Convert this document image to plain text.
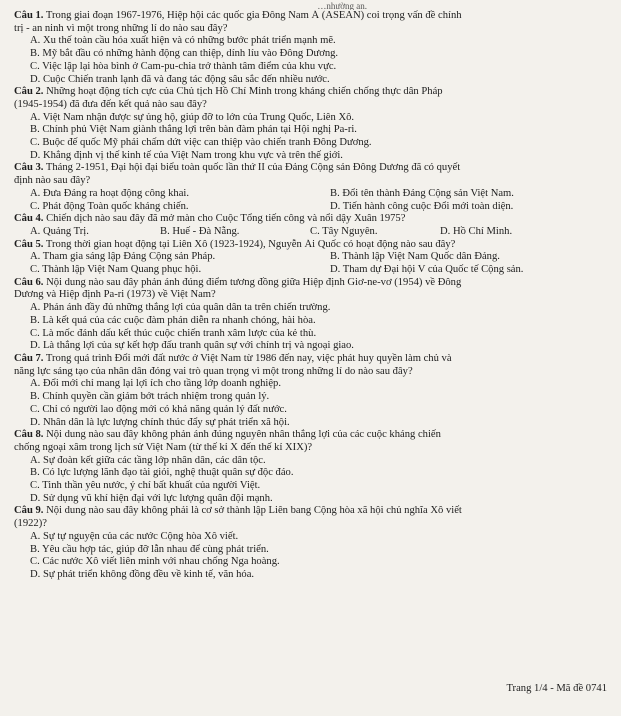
…nhường an.
Câu 1. Trong giai đoạn 1967-1976, Hiệp hội các quốc gia Đông Nam Á (ASEAN) coi trọng vấn đề chính
trị - an ninh vì một trong những lí do nào sau đây?
A. Xu thế toàn cầu hóa xuất hiện và có những bước phát triển mạnh mẽ.
B. Mỹ bắt đầu có những hành động can thiệp, dính líu vào Đông Dương.
C. Việc lập lại hòa bình ở Cam-pu-chia trở thành tâm điểm của khu vực.
D. Cuộc Chiến tranh lạnh đã và đang tác động sâu sắc đến nhiều nước.
Câu 2. Những hoạt động tích cực của Chủ tịch Hồ Chí Minh trong kháng chiến chống thực dân Pháp
(1945-1954) đã đưa đến kết quả nào sau đây?
A. Việt Nam nhận được sự ủng hộ, giúp đỡ to lớn của Trung Quốc, Liên Xô.
B. Chính phủ Việt Nam giành thắng lợi trên bàn đàm phán tại Hội nghị Pa-ri.
C. Buộc đế quốc Mỹ phải chấm dứt việc can thiệp vào chiến tranh Đông Dương.
D. Khẳng định vị thế kinh tế của Việt Nam trong khu vực và trên thế giới.
Câu 3. Tháng 2-1951, Đại hội đại biểu toàn quốc lần thứ II của Đảng Cộng sản Đông Dương đã có quyết
định nào sau đây?
A. Đưa Đảng ra hoạt động công khai.	B. Đổi tên thành Đảng Cộng sản Việt Nam.
C. Phát động Toàn quốc kháng chiến.	D. Tiến hành công cuộc Đổi mới toàn diện.
Câu 4. Chiến dịch nào sau đây đã mở màn cho Cuộc Tổng tiến công và nổi dậy Xuân 1975?
A. Quảng Trị.	B. Huế - Đà Nẵng.	C. Tây Nguyên.	D. Hồ Chí Minh.
Câu 5. Trong thời gian hoạt động tại Liên Xô (1923-1924), Nguyễn Ái Quốc có hoạt động nào sau đây?
A. Tham gia sáng lập Đảng Cộng sản Pháp.	B. Thành lập Việt Nam Quốc dân Đảng.
C. Thành lập Việt Nam Quang phục hội.	D. Tham dự Đại hội V của Quốc tế Cộng sản.
Câu 6. Nội dung nào sau đây phản ánh đúng điểm tương đồng giữa Hiệp định Giơ-ne-vơ (1954) về Đông
Dương và Hiệp định Pa-ri (1973) về Việt Nam?
A. Phản ánh đầy đủ những thắng lợi của quân dân ta trên chiến trường.
B. Là kết quả của các cuộc đàm phán diễn ra nhanh chóng, hài hòa.
C. Là mốc đánh dấu kết thúc cuộc chiến tranh xâm lược của kẻ thù.
D. Là thắng lợi của sự kết hợp đấu tranh quân sự với chính trị và ngoại giao.
Câu 7. Trong quá trình Đổi mới đất nước ở Việt Nam từ 1986 đến nay, việc phát huy quyền làm chủ và
năng lực sáng tạo của nhân dân đóng vai trò quan trọng vì một trong những lí do nào sau đây?
A. Đổi mới chỉ mang lại lợi ích cho tầng lớp doanh nghiệp.
B. Chính quyền cần giảm bớt trách nhiệm trong quản lý.
C. Chỉ có người lao động mới có khả năng quản lý đất nước.
D. Nhân dân là lực lượng chính thúc đẩy sự phát triển xã hội.
Câu 8. Nội dung nào sau đây không phản ánh đúng nguyên nhân thắng lợi của các cuộc kháng chiến
chống ngoại xâm trong lịch sử Việt Nam (từ thế kỉ X đến thế kỉ XIX)?
A. Sự đoàn kết giữa các tầng lớp nhân dân, các dân tộc.
B. Có lực lượng lãnh đạo tài giỏi, nghệ thuật quân sự độc đáo.
C. Tinh thần yêu nước, ý chí bất khuất của người Việt.
D. Sử dụng vũ khí hiện đại với lực lượng quân đội mạnh.
Câu 9. Nội dung nào sau đây không phải là cơ sở thành lập Liên bang Cộng hòa xã hội chủ nghĩa Xô viết
(1922)?
A. Sự tự nguyện của các nước Cộng hòa Xô viết.
B. Yêu cầu hợp tác, giúp đỡ lẫn nhau để cùng phát triển.
C. Các nước Xô viết liên minh với nhau chống Nga hoàng.
D. Sự phát triển không đồng đều về kinh tế, văn hóa.
Trang 1/4 - Mã đề 0741
